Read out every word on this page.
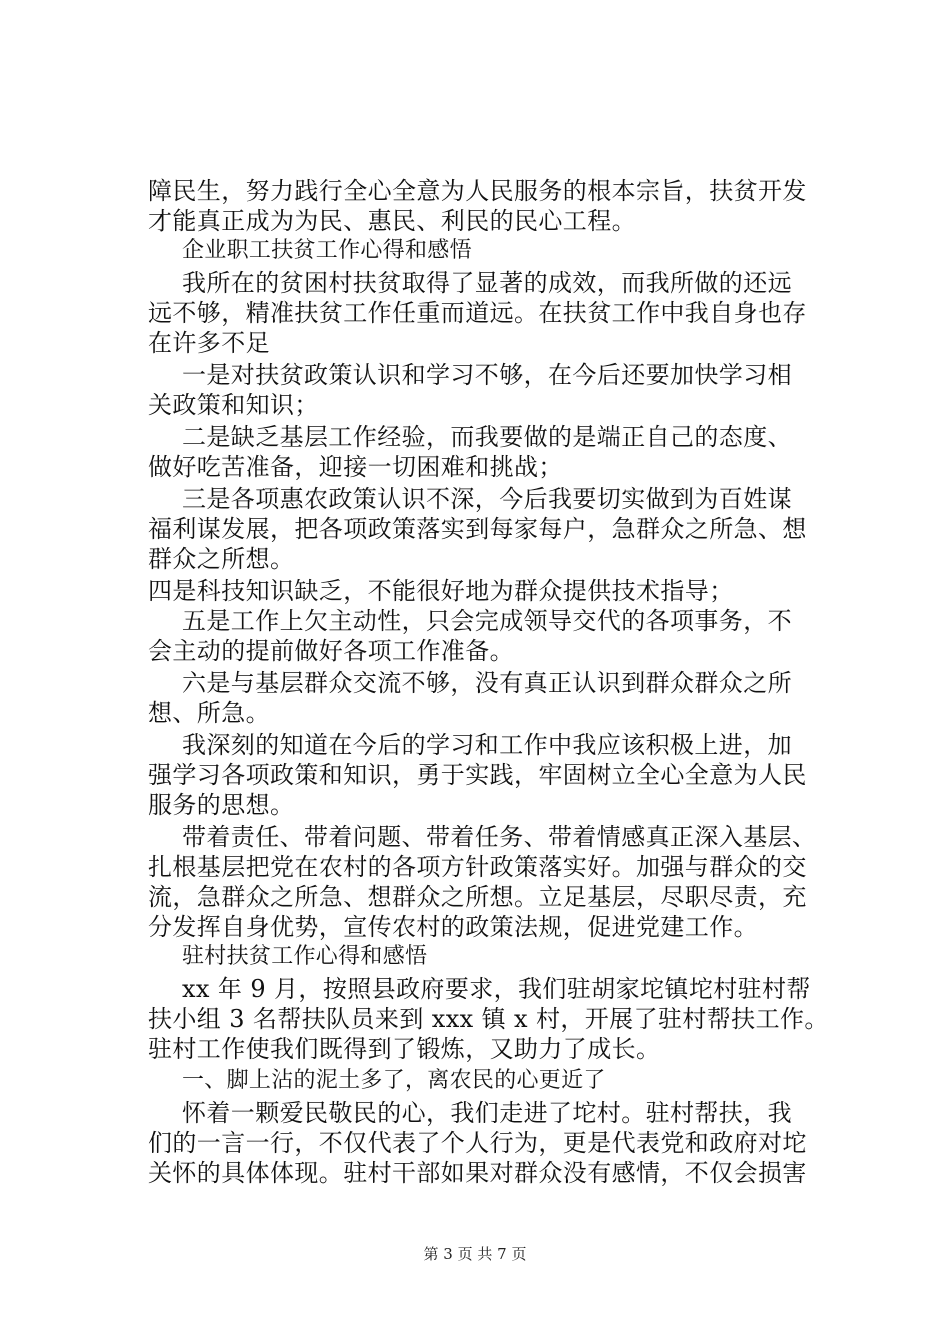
障民生，努力践行全心全意为人民服务的根本宗旨，扶贫开发
才能真正成为为民、惠民、利民的民心工程。
企业职工扶贫工作心得和感悟
我所在的贫困村扶贫取得了显著的成效，而我所做的还远
远不够，精准扶贫工作任重而道远。在扶贫工作中我自身也存
在许多不足
一是对扶贫政策认识和学习不够，在今后还要加快学习相
关政策和知识；
二是缺乏基层工作经验，而我要做的是端正自己的态度、
做好吃苦准备，迎接一切困难和挑战；
三是各项惠农政策认识不深，今后我要切实做到为百姓谋
福利谋发展，把各项政策落实到每家每户，急群众之所急、想
群众之所想。
四是科技知识缺乏，不能很好地为群众提供技术指导；
五是工作上欠主动性，只会完成领导交代的各项事务，不
会主动的提前做好各项工作准备。
六是与基层群众交流不够，没有真正认识到群众群众之所
想、所急。
我深刻的知道在今后的学习和工作中我应该积极上进，加
强学习各项政策和知识，勇于实践，牢固树立全心全意为人民
服务的思想。
带着责任、带着问题、带着任务、带着情感真正深入基层、
扎根基层把党在农村的各项方针政策落实好。加强与群众的交
流，急群众之所急、想群众之所想。立足基层，尽职尽责，充
分发挥自身优势，宣传农村的政策法规，促进党建工作。
驻村扶贫工作心得和感悟
xx 年 9 月，按照县政府要求，我们驻胡家坨镇坨村驻村帮
扶小组 3 名帮扶队员来到 xxx 镇 x 村，开展了驻村帮扶工作。
驻村工作使我们既得到了锻炼，又助力了成长。
一、脚上沾的泥土多了，离农民的心更近了
怀着一颗爱民敬民的心，我们走进了坨村。驻村帮扶，我
们的一言一行，不仅代表了个人行为，更是代表党和政府对坨
关怀的具体体现。驻村干部如果对群众没有感情，不仅会损害
第 3 页 共 7 页
